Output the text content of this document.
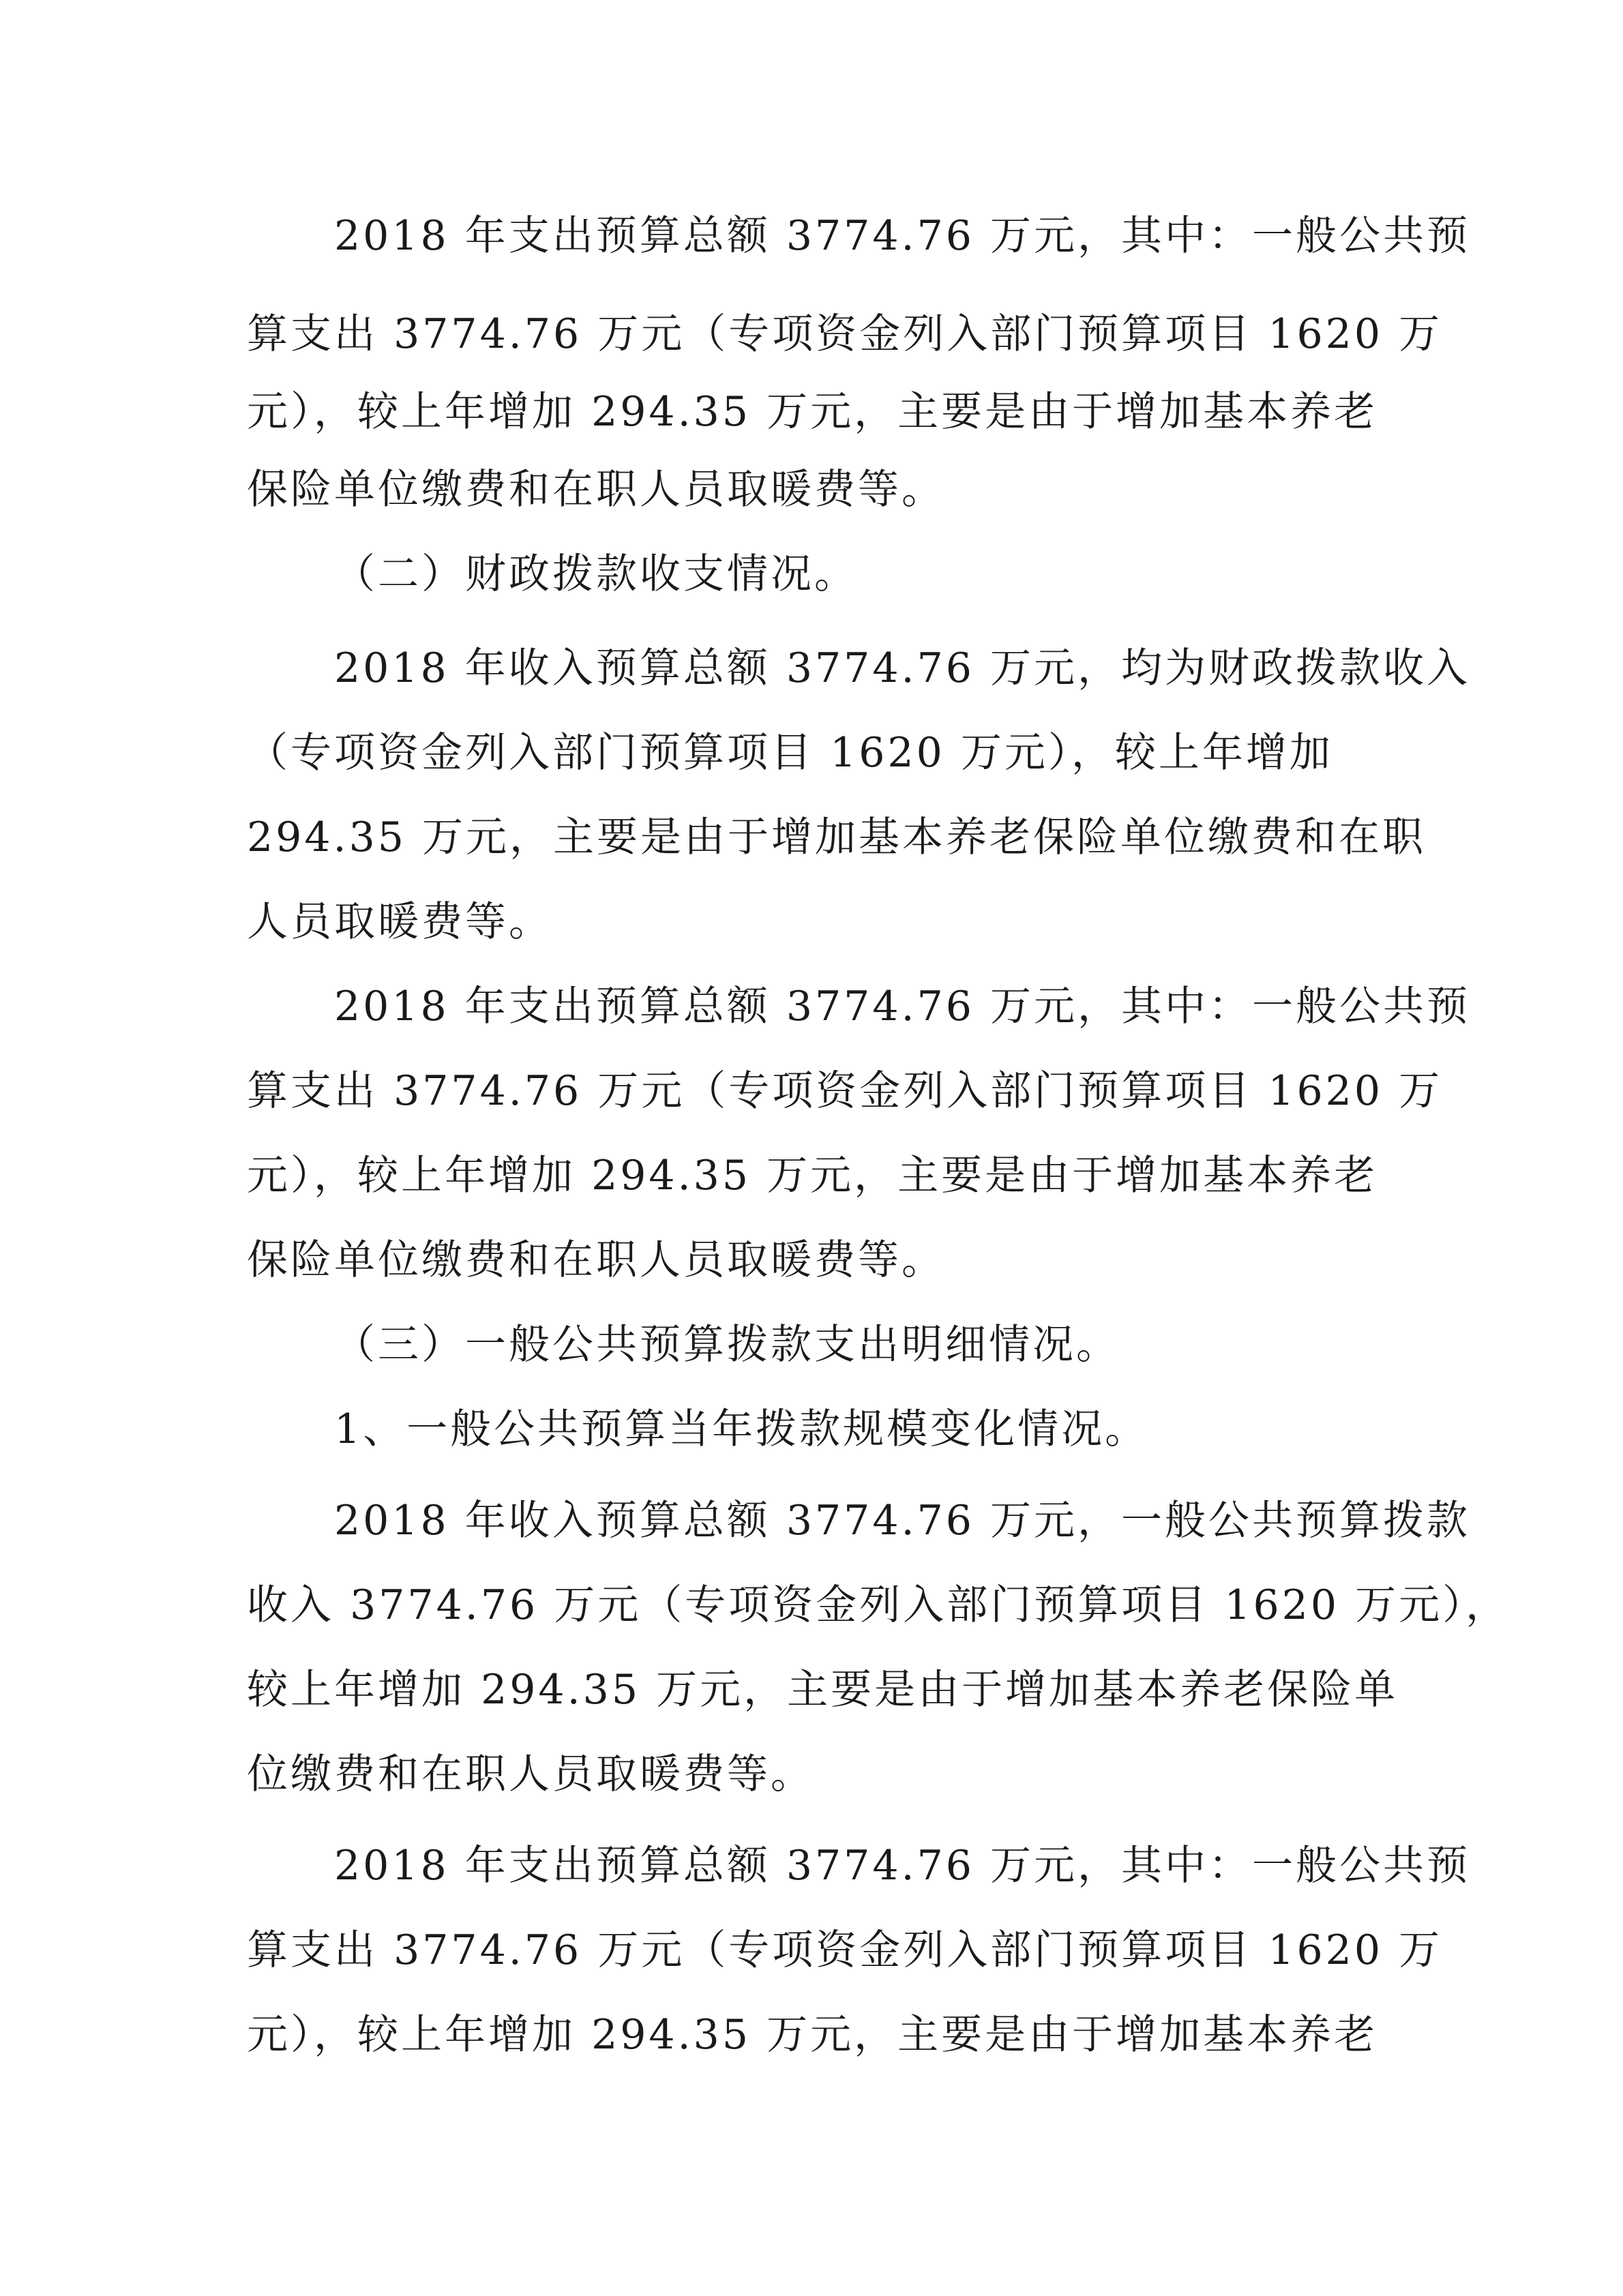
2018 年支出预算总额 3774.76 万元，其中：一般公共预
算支出 3774.76 万元（专项资金列入部门预算项目 1620 万
元），较上年增加 294.35 万元，主要是由于增加基本养老
保险单位缴费和在职人员取暖费等。
（二）财政拨款收支情况。
2018 年收入预算总额 3774.76 万元，均为财政拨款收入
（专项资金列入部门预算项目 1620 万元），较上年增加
294.35 万元，主要是由于增加基本养老保险单位缴费和在职
人员取暖费等。
2018 年支出预算总额 3774.76 万元，其中：一般公共预
算支出 3774.76 万元（专项资金列入部门预算项目 1620 万
元），较上年增加 294.35 万元，主要是由于增加基本养老
保险单位缴费和在职人员取暖费等。
（三）一般公共预算拨款支出明细情况。
1、一般公共预算当年拨款规模变化情况。
2018 年收入预算总额 3774.76 万元，一般公共预算拨款
收入 3774.76 万元（专项资金列入部门预算项目 1620 万元），
较上年增加 294.35 万元，主要是由于增加基本养老保险单
位缴费和在职人员取暖费等。
2018 年支出预算总额 3774.76 万元，其中：一般公共预
算支出 3774.76 万元（专项资金列入部门预算项目 1620 万
元），较上年增加 294.35 万元，主要是由于增加基本养老
